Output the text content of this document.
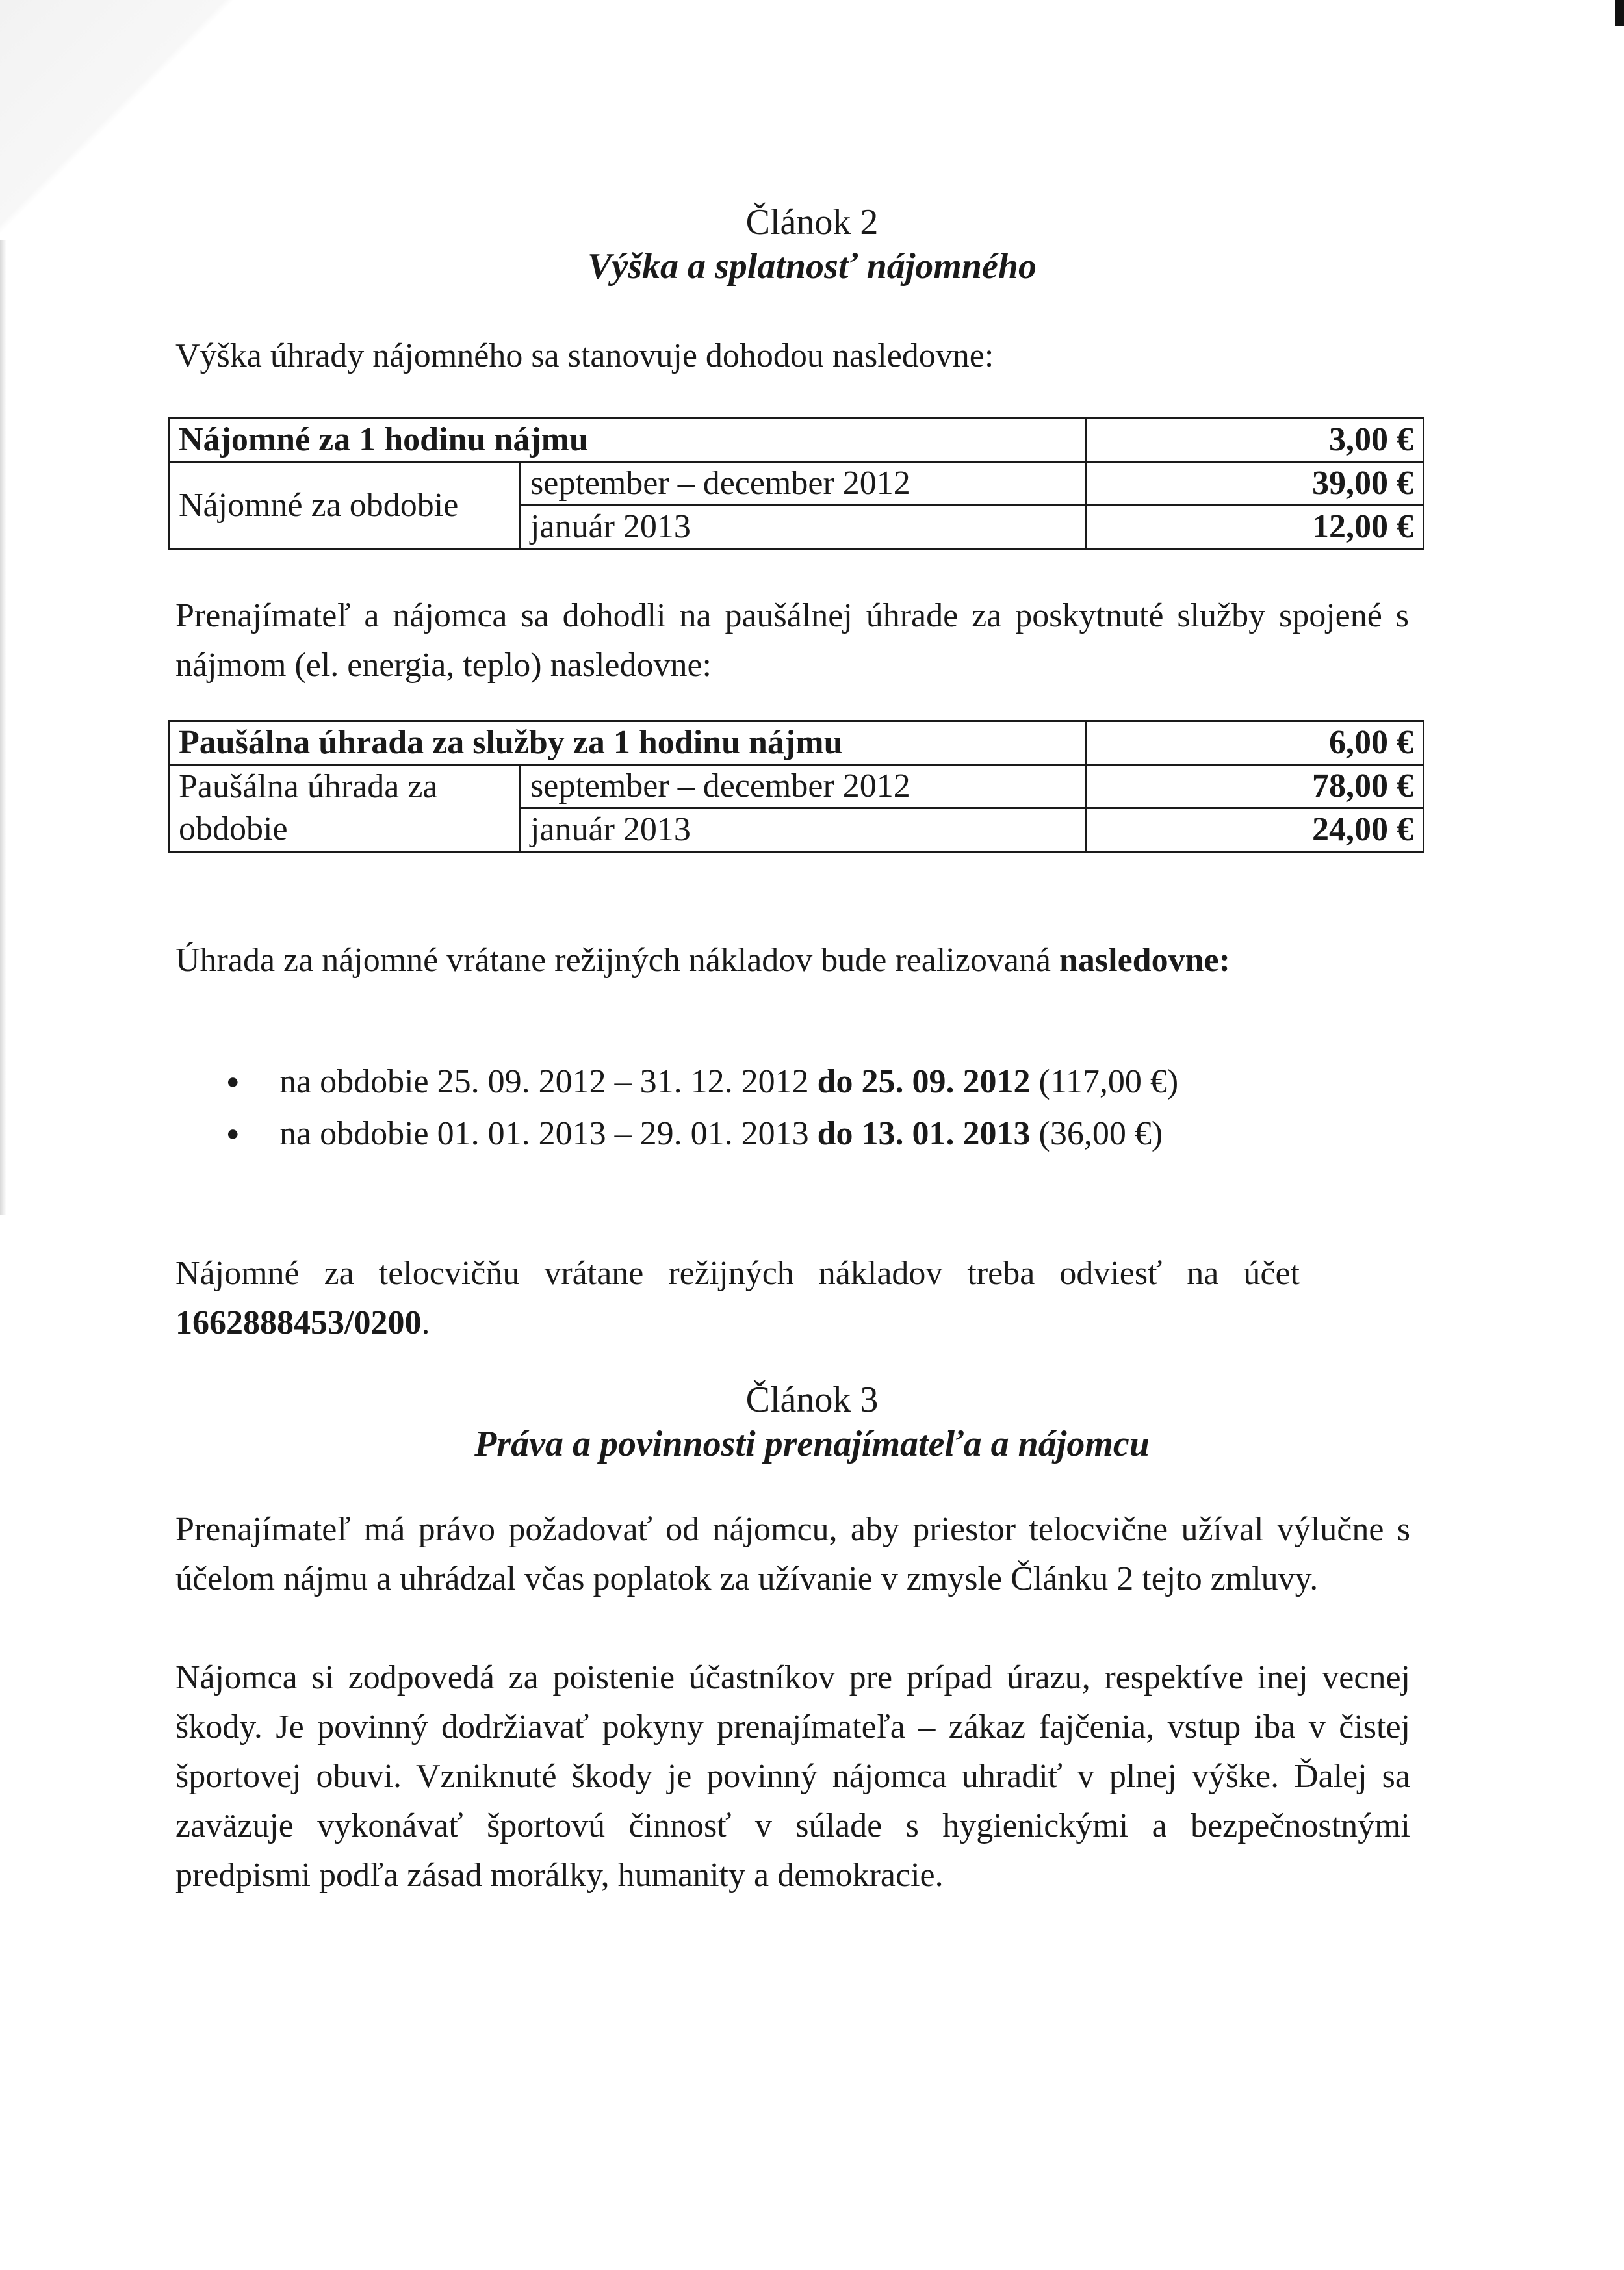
Článok 2
Výška a splatnosť nájomného
Výška úhrady nájomného sa stanovuje dohodou nasledovne:
Nájomné za 1 hodinu nájmu		3,00 €
Nájomné za obdobie	september – december 2012	39,00 €
	január 2013	12,00 €
Prenajímateľ a nájomca sa dohodli na paušálnej úhrade za poskytnuté služby spojené s nájmom (el. energia, teplo) nasledovne:
Paušálna úhrada za služby za 1 hodinu nájmu		6,00 €
Paušálna úhrada za	september – december 2012	78,00 €
obdobie	január 2013	24,00 €
Úhrada za nájomné vrátane režijných nákladov bude realizovaná nasledovne:
● na obdobie 25. 09. 2012 – 31. 12. 2012 do 25. 09. 2012 (117,00 €)
● na obdobie 01. 01. 2013 – 29. 01. 2013 do 13. 01. 2013 (36,00 €)
Nájomné za telocvičňu vrátane režijných nákladov treba odviesť na účet 1662888453/0200.
Článok 3
Práva a povinnosti prenajímateľa a nájomcu
Prenajímateľ má právo požadovať od nájomcu, aby priestor telocvične užíval výlučne s účelom nájmu a uhrádzal včas poplatok za užívanie v zmysle Článku 2 tejto zmluvy.
Nájomca si zodpovedá za poistenie účastníkov pre prípad úrazu, respektíve inej vecnej škody. Je povinný dodržiavať pokyny prenajímateľa – zákaz fajčenia, vstup iba v čistej športovej obuvi. Vzniknuté škody je povinný nájomca uhradiť v plnej výške. Ďalej sa zaväzuje vykonávať športovú činnosť v súlade s hygienickými a bezpečnostnými predpismi podľa zásad morálky, humanity a demokracie.
